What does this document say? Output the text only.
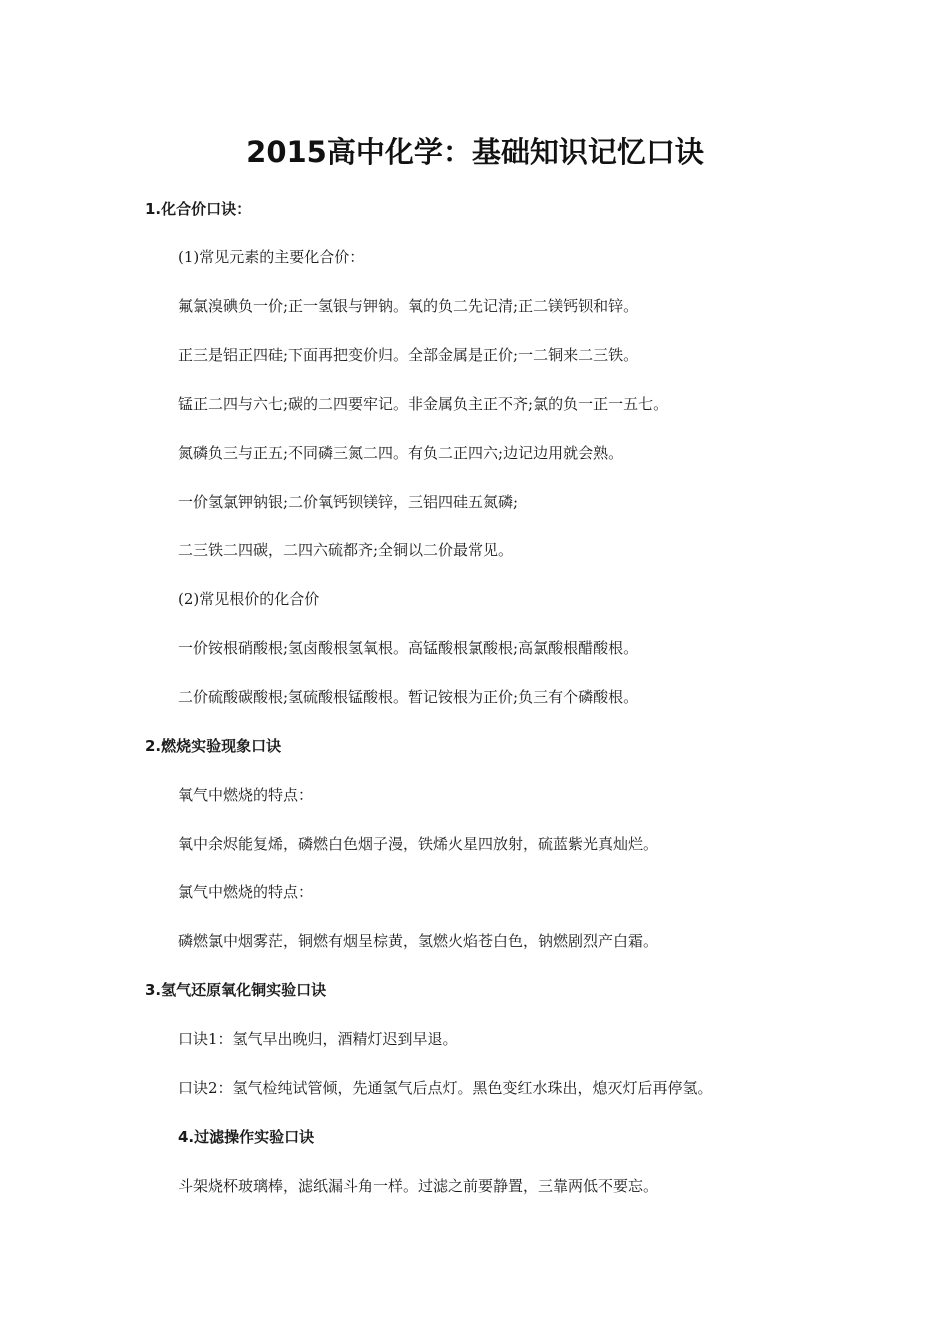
2015高中化学：基础知识记忆口诀
1.化合价口诀：
(1)常见元素的主要化合价：
氟氯溴碘负一价;正一氢银与钾钠。氧的负二先记清;正二镁钙钡和锌。
正三是铝正四硅;下面再把变价归。全部金属是正价;一二铜来二三铁。
锰正二四与六七;碳的二四要牢记。非金属负主正不齐;氯的负一正一五七。
氮磷负三与正五;不同磷三氮二四。有负二正四六;边记边用就会熟。
一价氢氯钾钠银;二价氧钙钡镁锌，三铝四硅五氮磷;
二三铁二四碳，二四六硫都齐;全铜以二价最常见。
(2)常见根价的化合价
一价铵根硝酸根;氢卤酸根氢氧根。高锰酸根氯酸根;高氯酸根醋酸根。
二价硫酸碳酸根;氢硫酸根锰酸根。暂记铵根为正价;负三有个磷酸根。
2.燃烧实验现象口诀
氧气中燃烧的特点：
氧中余烬能复烯，磷燃白色烟子漫，铁烯火星四放射，硫蓝紫光真灿烂。
氯气中燃烧的特点：
磷燃氯中烟雾茫，铜燃有烟呈棕黄，氢燃火焰苍白色，钠燃剧烈产白霜。
3.氢气还原氧化铜实验口诀
口诀1：氢气早出晚归，酒精灯迟到早退。
口诀2：氢气检纯试管倾，先通氢气后点灯。黑色变红水珠出，熄灭灯后再停氢。
4.过滤操作实验口诀
斗架烧杯玻璃棒，滤纸漏斗角一样。过滤之前要静置，三靠两低不要忘。
